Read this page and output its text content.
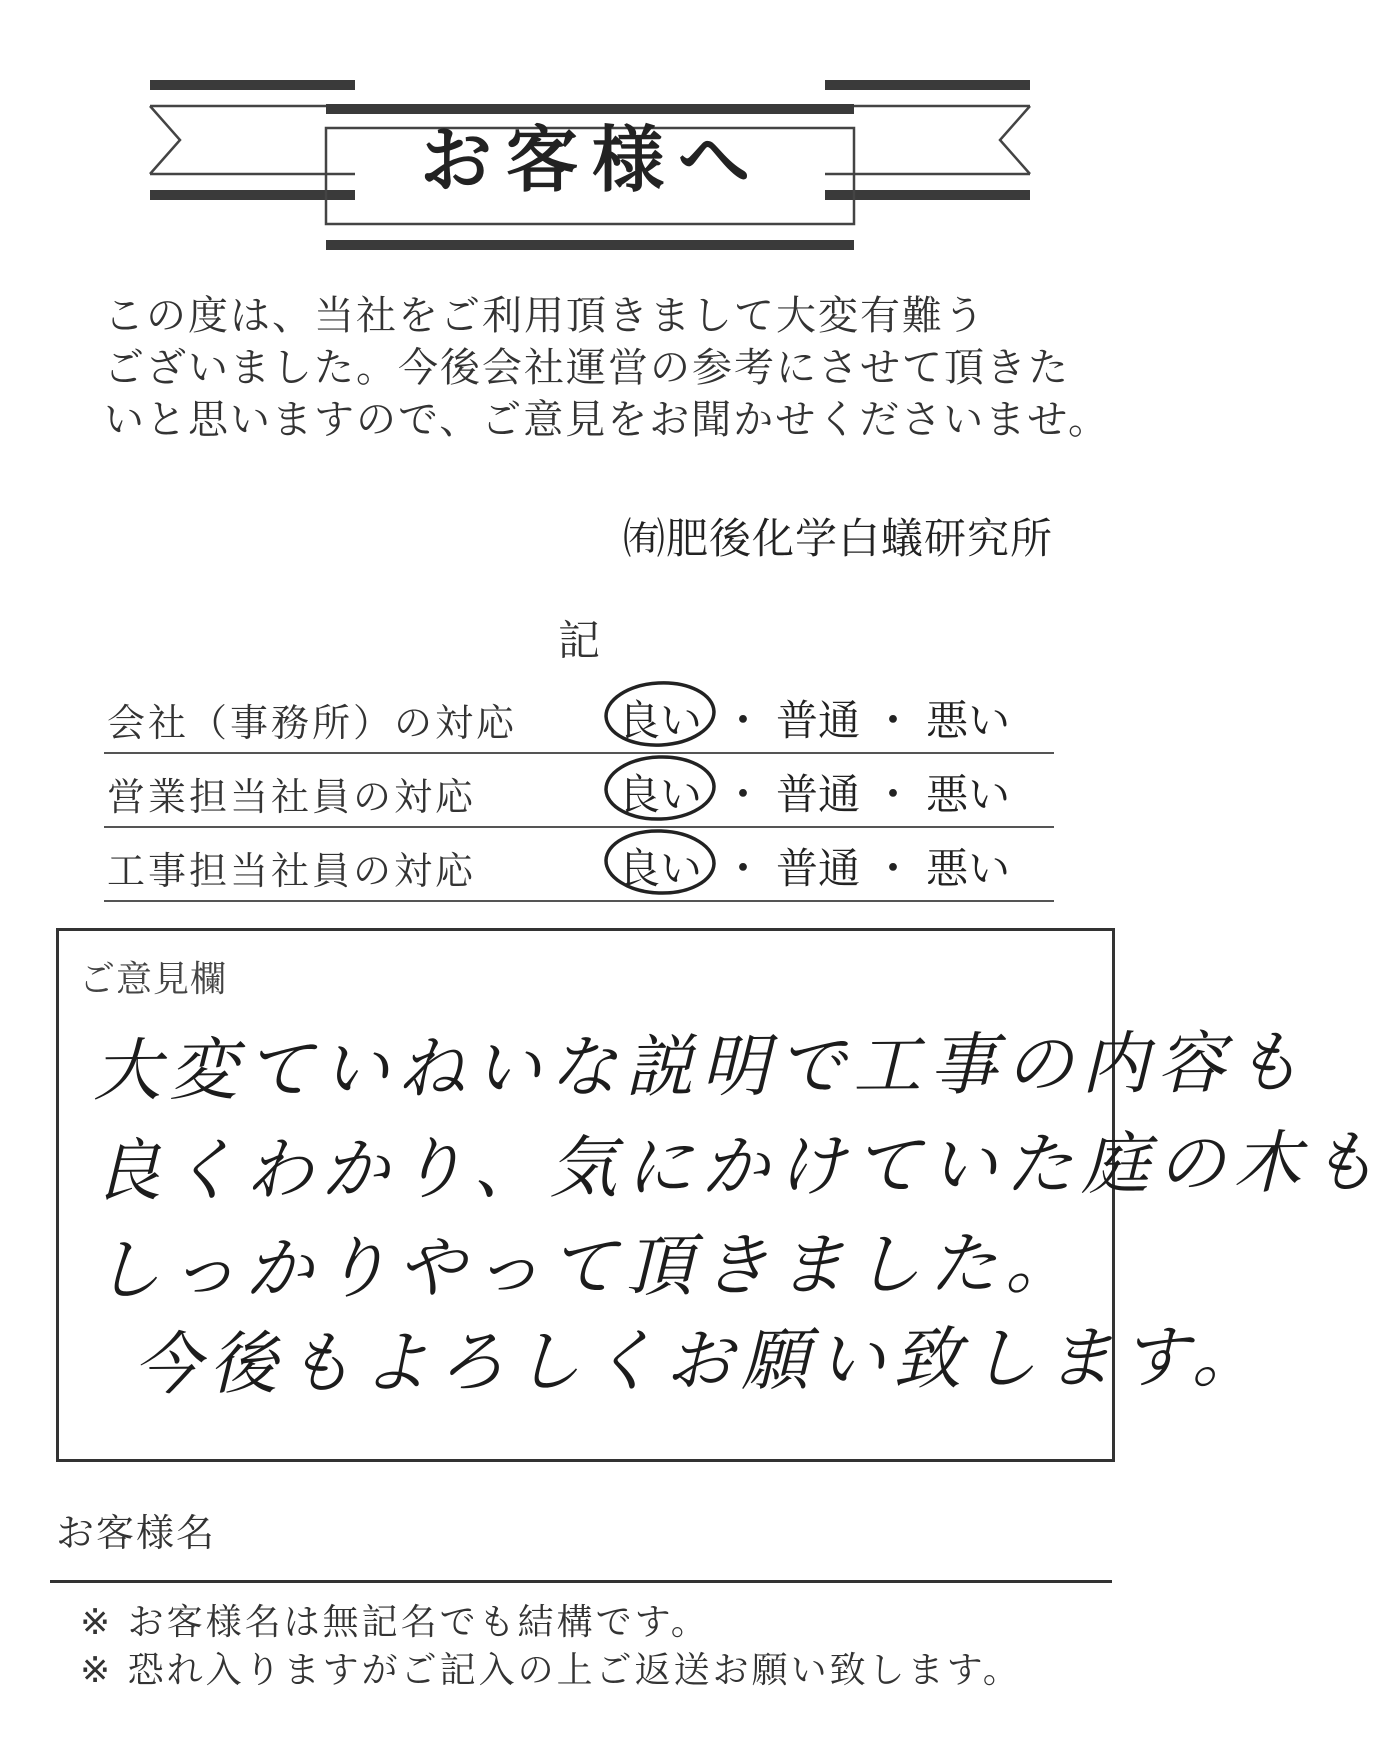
お客様へ
この度は、当社をご利用頂きまして大変有難う
ございました。今後会社運営の参考にさせて頂きた
いと思いますので、ご意見をお聞かせくださいませ。
㈲肥後化学白蟻研究所
記
会社（事務所）の対応 良い ・ 普通 ・ 悪い
営業担当社員の対応	良い ・ 普通 ・ 悪い
工事担当社員の対応	良い ・ 普通 ・ 悪い
ご意見欄
大変ていねいな説明で工事の内容も
良くわかり、気にかけていた庭の木も
しっかりやって頂きました。
今後もよろしくお願い致します。
お客様名
※ お客様名は無記名でも結構です。
※ 恐れ入りますがご記入の上ご返送お願い致します。
